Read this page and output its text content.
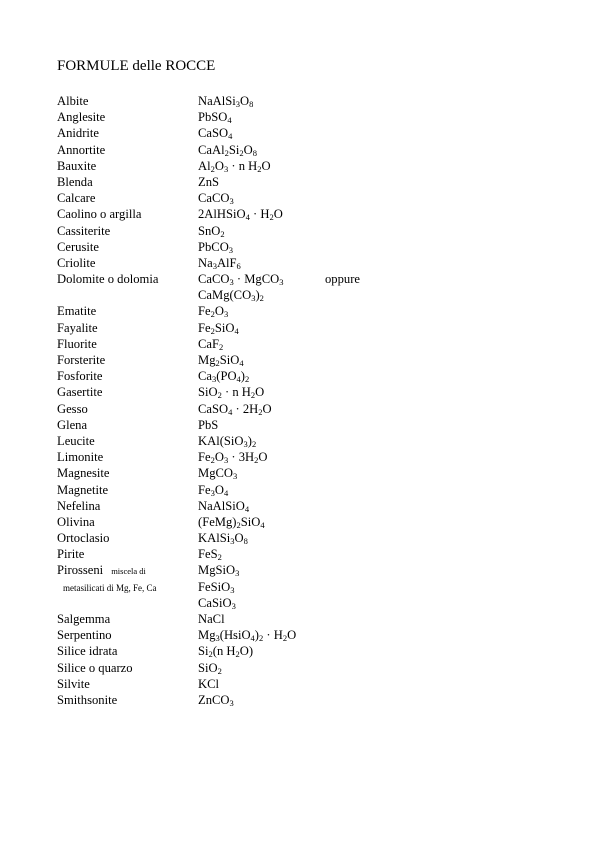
FORMULE delle ROCCE
Albite	$NaAlSi_3O_8$
Anglesite	PbSO$_4$
Anidrite	CaSO$_4$
Annortite	$CaAl_2Si_2O_8$
Bauxite	$Al_2O_3 \cdot n$ $H_2O$
Blenda	ZnS
Calcare	CaCO$_3$
Caolino o argilla	2AlHSiO$_4$ · $H_2O$
Cassiterite	SnO$_2$
Cerusite	PbCO$_3$
Criolite	$Na_3AlF_6$
Dolomite o dolomia	CaCO$_3$ · MgCO$_3$	oppure
$CaMg(CO_3)_2$
Ematite	$Fe_2O_3$
Fayalite	$Fe_2SiO_4$
Fluorite	CaF$_2$
Forsterite	$Mg_2SiO_4$
Fosforite	$Ca_3(PO_4)_2$
Gasertite	SiO$_2$ · n $H_2O$
Gesso	CaSO$_4$ · $2H_2O$
Glena	PbS
Leucite	$KAl(SiO_3)_2$
Limonite	$Fe_2O_3 \cdot 3H_2O$
Magnesite	MgCO$_3$
Magnetite	$Fe_3O_4$
Nefelina	NaAlSiO$_4$
Olivina	$(FeMg)_2SiO_4$
Ortoclasio	$KAlSi_3O_8$
Pirite	FeS$_2$
Pirosseni miscela di	MgSiO$_3$
metasilicati di Mg, Fe, Ca	FeSiO$_3$
CaSiO$_3$
Salgemma	NaCl
Serpentino	$Mg_3(HsiO_4)_2 \cdot H_2O$
Silice idrata	$Si_2(n$ $H_2O$)
Silice o quarzo	SiO$_2$
Silvite	KCl
Smithsonite	ZnCO$_3$
